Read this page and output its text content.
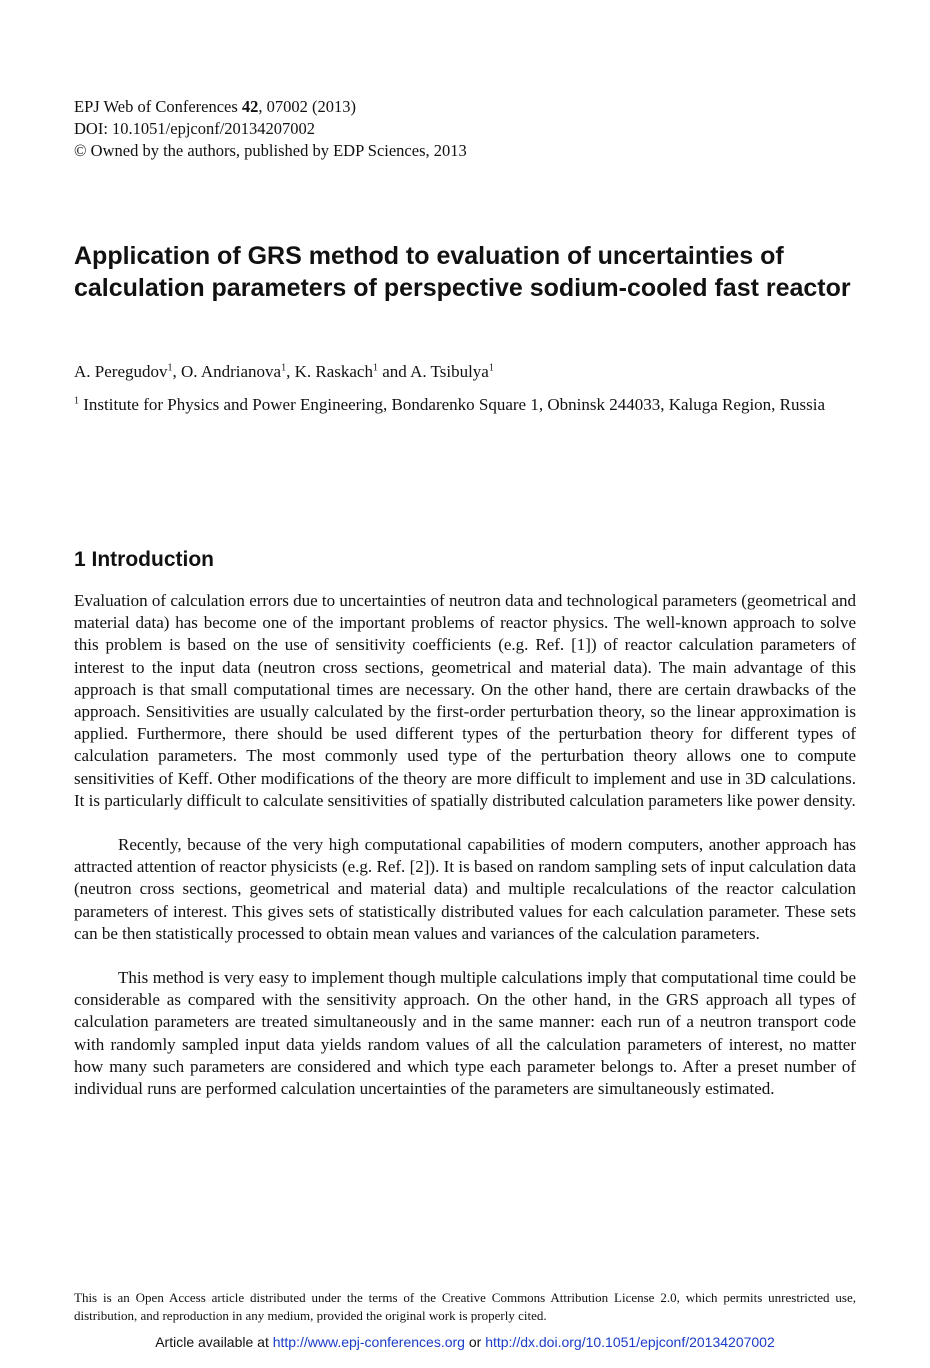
EPJ Web of Conferences 42, 07002 (2013)
DOI: 10.1051/epjconf/20134207002
© Owned by the authors, published by EDP Sciences, 2013
Application of GRS method to evaluation of uncertainties of calculation parameters of perspective sodium-cooled fast reactor
A. Peregudov$^1$, O. Andrianova$^1$, K. Raskach$^1$ and A. Tsibulya$^1$
$^1$ Institute for Physics and Power Engineering, Bondarenko Square 1, Obninsk 244033, Kaluga Region, Russia
1 Introduction

Evaluation of calculation errors due to uncertainties of neutron data and technological parameters (geometrical and material data) has become one of the important problems of reactor physics. The well-known approach to solve this problem is based on the use of sensitivity coefficients (e.g. Ref. [1]) of reactor calculation parameters of interest to the input data (neutron cross sections, geometrical and material data). The main advantage of this approach is that small computational times are necessary. On the other hand, there are certain drawbacks of the approach. Sensitivities are usually calculated by the first-order perturbation theory, so the linear approximation is applied. Furthermore, there should be used different types of the perturbation theory for different types of calculation parameters. The most commonly used type of the perturbation theory allows one to compute sensitivities of Keff. Other modifications of the theory are more difficult to implement and use in 3D calculations. It is particularly difficult to calculate sensitivities of spatially distributed calculation parameters like power density.

Recently, because of the very high computational capabilities of modern computers, another approach has attracted attention of reactor physicists (e.g. Ref. [2]). It is based on random sampling sets of input calculation data (neutron cross sections, geometrical and material data) and multiple recalculations of the reactor calculation parameters of interest. This gives sets of statistically distributed values for each calculation parameter. These sets can be then statistically processed to obtain mean values and variances of the calculation parameters.

This method is very easy to implement though multiple calculations imply that computational time could be considerable as compared with the sensitivity approach. On the other hand, in the GRS approach all types of calculation parameters are treated simultaneously and in the same manner: each run of a neutron transport code with randomly sampled input data yields random values of all the calculation parameters of interest, no matter how many such parameters are considered and which type each parameter belongs to. After a preset number of individual runs are performed calculation uncertainties of the parameters are simultaneously estimated.

This is an Open Access article distributed under the terms of the Creative Commons Attribution License 2.0, which permits unrestricted use, distribution, and reproduction in any medium, provided the original work is properly cited.
Article available at http://www.epj-conferences.org or http://dx.doi.org/10.1051/epjconf/20134207002
